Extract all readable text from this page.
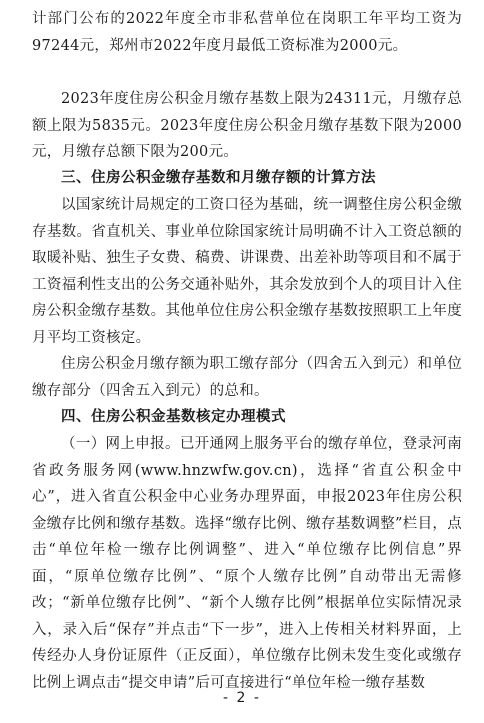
计部门公布的2022年度全市非私营单位在岗职工年平均工资为97244元，郑州市2022年度月最低工资标准为2000元。

2023年度住房公积金月缴存基数上限为24311元，月缴存总额上限为5835元。2023年度住房公积金月缴存基数下限为2000元，月缴存总额下限为200元。

三、住房公积金缴存基数和月缴存额的计算方法

以国家统计局规定的工资口径为基础，统一调整住房公积金缴存基数。省直机关、事业单位除国家统计局明确不计入工资总额的取暖补贴、独生子女费、稿费、讲课费、出差补助等项目和不属于工资福利性支出的公务交通补贴外，其余发放到个人的项目计入住房公积金缴存基数。其他单位住房公积金缴存基数按照职工上年度月平均工资核定。

住房公积金月缴存额为职工缴存部分（四舍五入到元）和单位缴存部分（四舍五入到元）的总和。

四、住房公积金基数核定办理模式

（一）网上申报。已开通网上服务平台的缴存单位，登录河南省政务服务网(www.hnzwfw.gov.cn)，选择“省直公积金中心”，进入省直公积金中心业务办理界面，申报2023年住房公积金缴存比例和缴存基数。选择“缴存比例、缴存基数调整”栏目，点击“单位年检一缴存比例调整”、进入“单位缴存比例信息”界面，“原单位缴存比例”、“原个人缴存比例”自动带出无需修改；“新单位缴存比例”、“新个人缴存比例”根据单位实际情况录入，录入后“保存”并点击“下一步”，进入上传相关材料界面，上传经办人身份证原件（正反面），单位缴存比例未发生变化或缴存比例上调点击“提交申请”后可直接进行“单位年检一缴存基数

- 2 -
